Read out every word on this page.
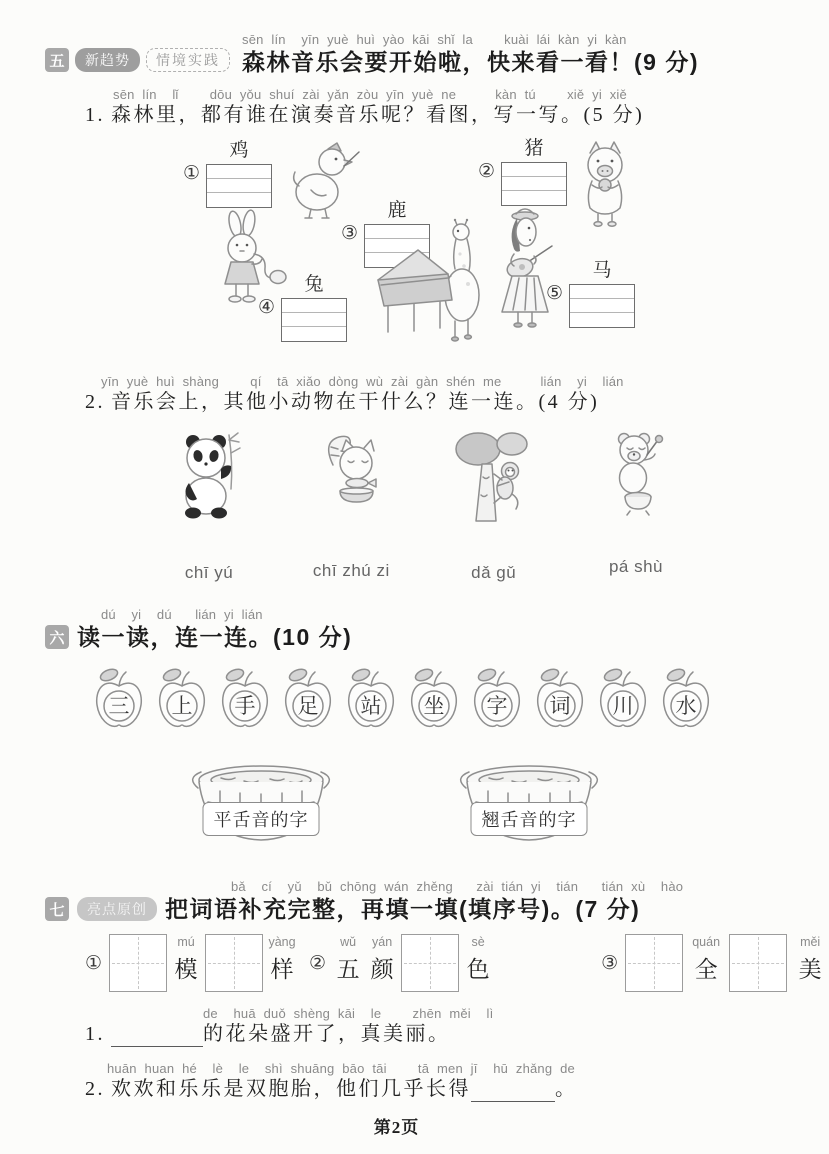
五	新趋势	情境实践
sēn lín  yīn yuè huì yào kāi shǐ la    kuài lái kàn yi kàn
森林音乐会要开始啦，快来看一看！(9 分)
sēn lín  lǐ    dōu yǒu shuí zài yǎn zòu yīn yuè ne     kàn tú    xiě yi xiě
1. 森林里，都有谁在演奏音乐呢？看图，写一写。(5 分)
①
鸡
②
猪
③
鹿
④
兔	⑤
马
yīn yuè huì shàng    qí  tā xiǎo dòng wù zài gàn shén me     lián  yi  lián
2. 音乐会上，其他小动物在干什么？连一连。(4 分)
chī yú	chī zhú zi	dǎ gǔ	pá shù
dú  yi  dú   lián yi lián
六 读一读，连一连。(10 分)
三	上	手	足	站	坐	字	词	川	水
平舌音的字	翘舌音的字
bǎ  cí  yǔ  bǔ chōng wán zhěng   zài tián yi  tián   tián xù  hào
七	亮点原创 把词语补充完整，再填一填(填序号)。(7 分)
①
mú
模
yàng
样 ②
wǔ
五
yán
颜
sè
色	③
quán
全
měi
美
de  huā duǒ shèng kāi  le    zhēn měi  lì
1.	的花朵盛开了，真美丽。
huān huan hé  lè  le  shì shuāng bāo tāi    tā men jī  hū zhǎng de
2. 欢欢和乐乐是双胞胎，他们几乎长得	。
第2页
